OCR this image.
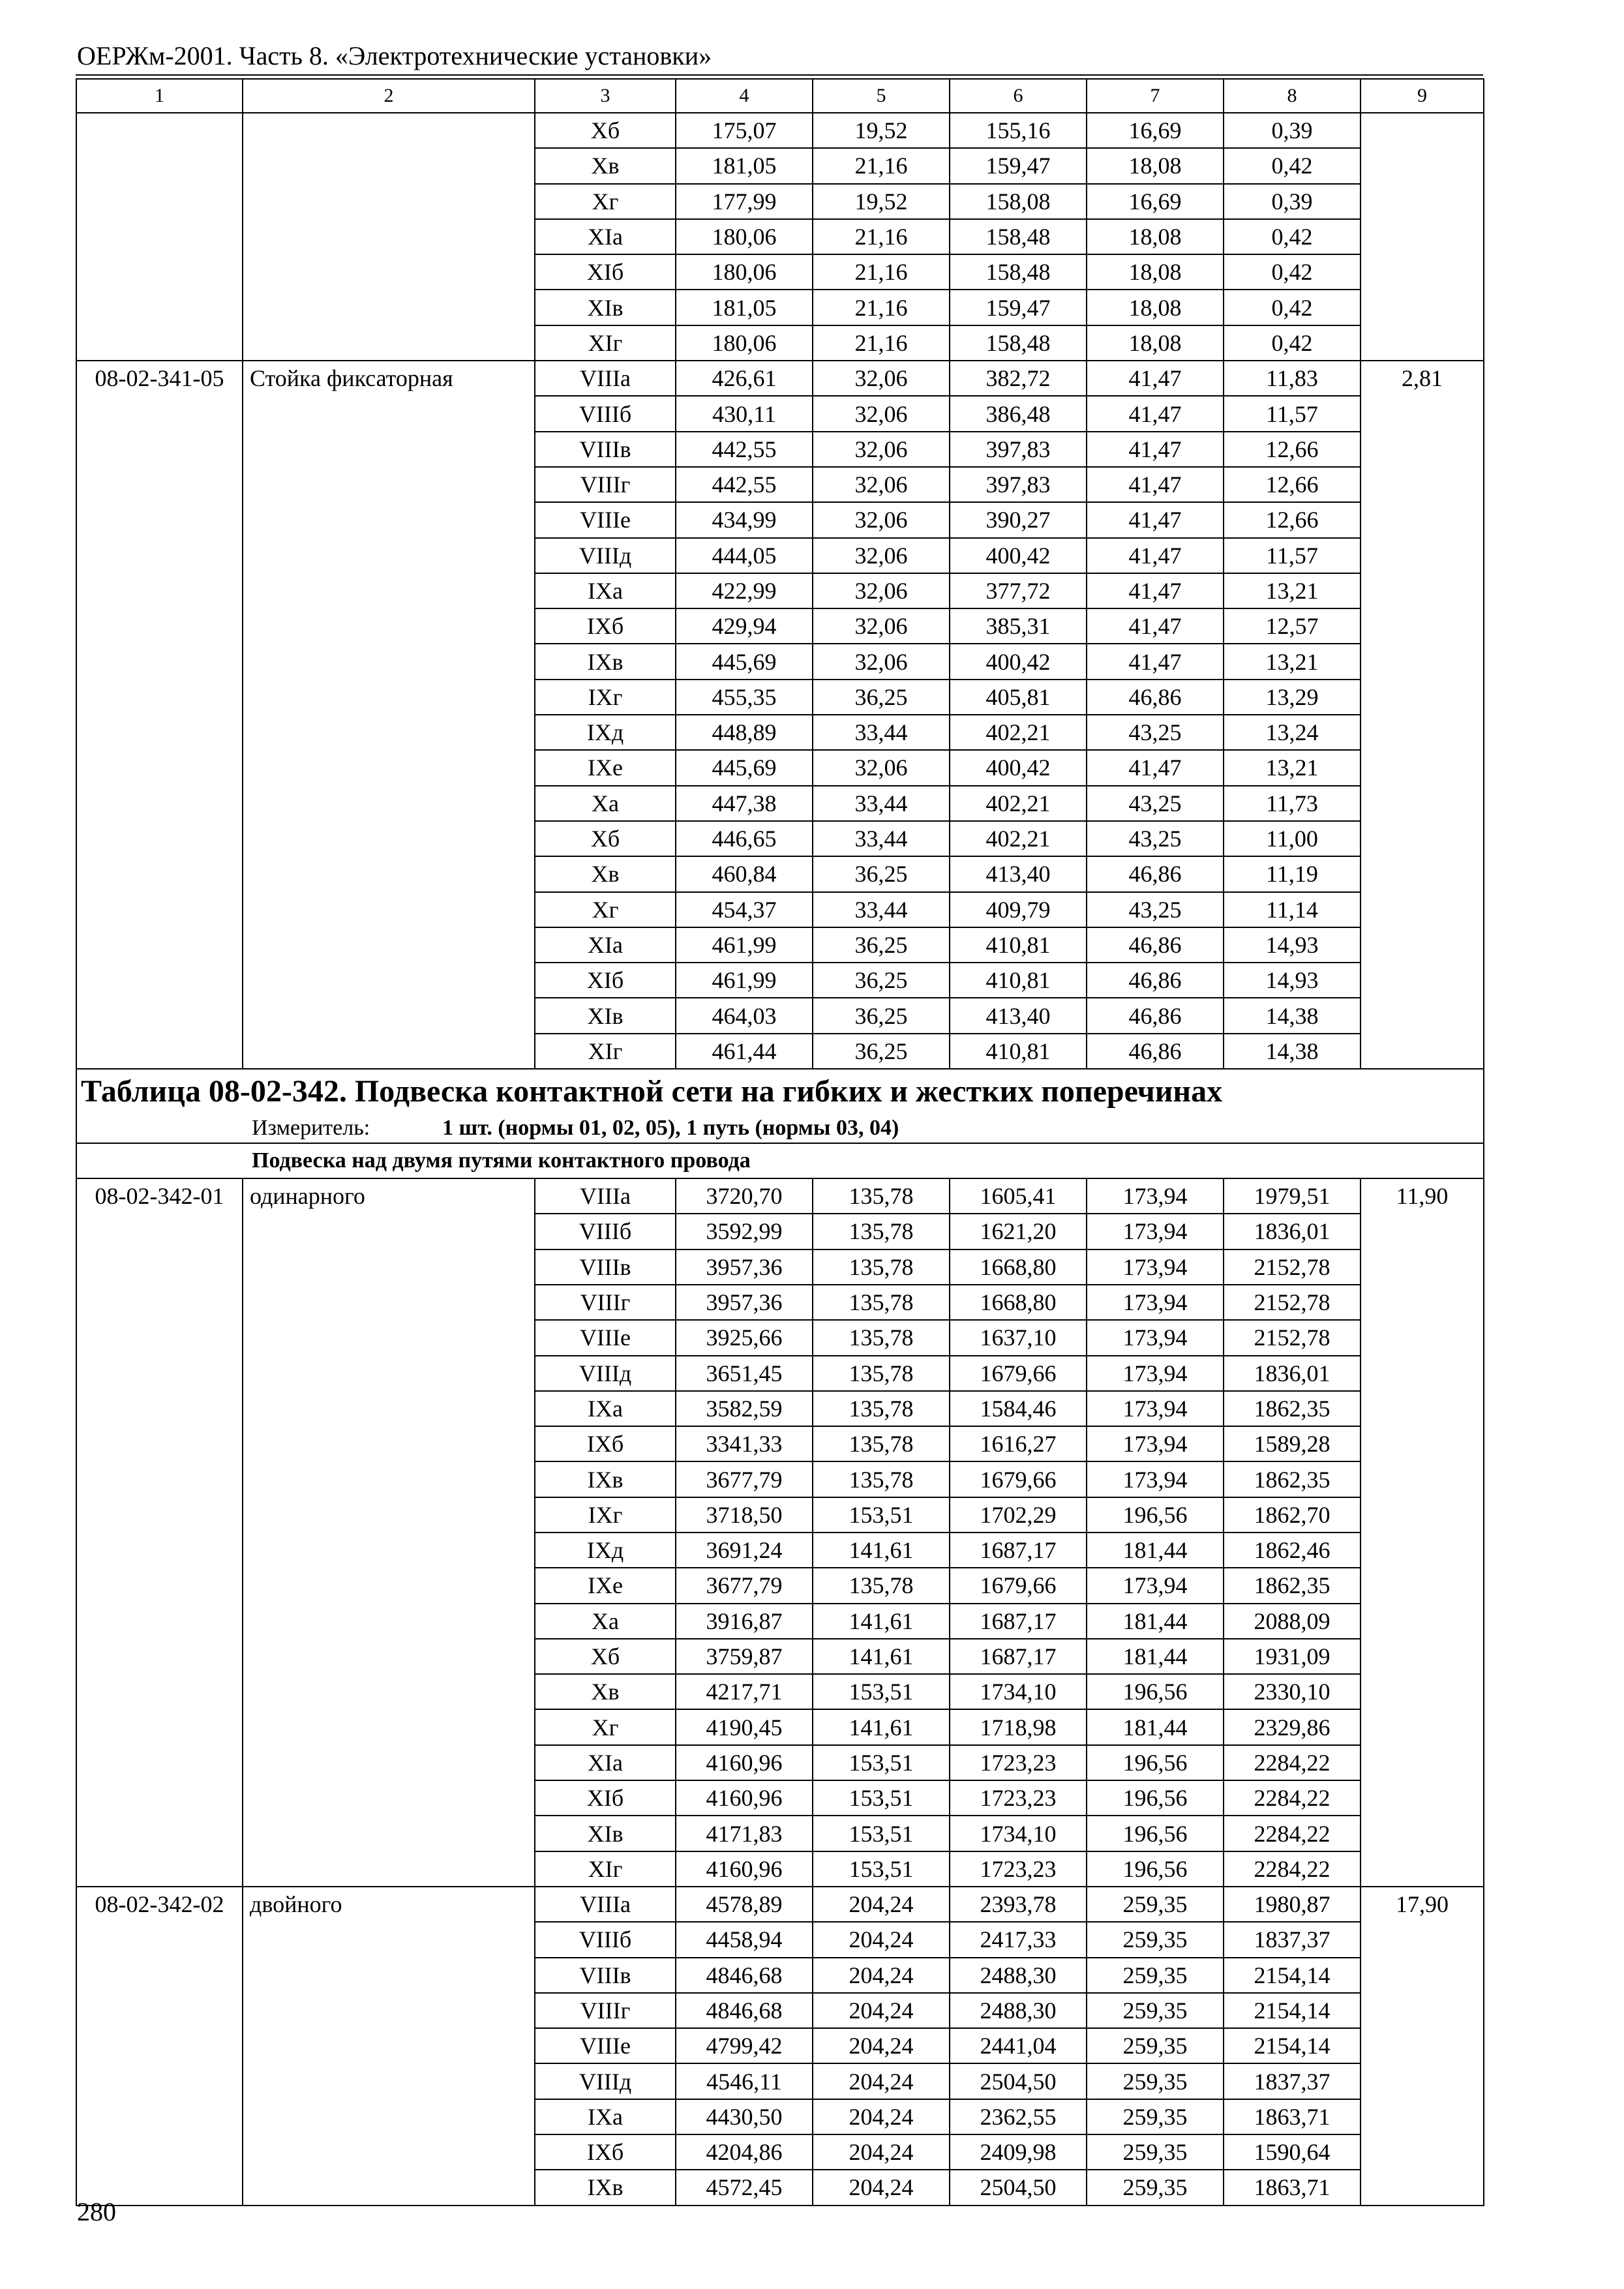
ОЕРЖм-2001. Часть 8. «Электротехнические установки»
1	2	3	4	5	6	7	8	9
		Xб	175,07	19,52	155,16	16,69	0,39	
		Xв	181,05	21,16	159,47	18,08	0,42	
		Xг	177,99	19,52	158,08	16,69	0,39	
		XIа	180,06	21,16	158,48	18,08	0,42	
		XIб	180,06	21,16	158,48	18,08	0,42	
		XIв	181,05	21,16	159,47	18,08	0,42	
		XIг	180,06	21,16	158,48	18,08	0,42	
08-02-341-05	Стойка фиксаторная	VIIIа	426,61	32,06	382,72	41,47	11,83	2,81
		VIIIб	430,11	32,06	386,48	41,47	11,57	
		VIIIв	442,55	32,06	397,83	41,47	12,66	
		VIIIг	442,55	32,06	397,83	41,47	12,66	
		VIIIе	434,99	32,06	390,27	41,47	12,66	
		VIIIд	444,05	32,06	400,42	41,47	11,57	
		IXа	422,99	32,06	377,72	41,47	13,21	
		IXб	429,94	32,06	385,31	41,47	12,57	
		IXв	445,69	32,06	400,42	41,47	13,21	
		IXг	455,35	36,25	405,81	46,86	13,29	
		IXд	448,89	33,44	402,21	43,25	13,24	
		IXе	445,69	32,06	400,42	41,47	13,21	
		Xа	447,38	33,44	402,21	43,25	11,73	
		Xб	446,65	33,44	402,21	43,25	11,00	
		Xв	460,84	36,25	413,40	46,86	11,19	
		Xг	454,37	33,44	409,79	43,25	11,14	
		XIа	461,99	36,25	410,81	46,86	14,93	
		XIб	461,99	36,25	410,81	46,86	14,93	
		XIв	464,03	36,25	413,40	46,86	14,38	
		XIг	461,44	36,25	410,81	46,86	14,38	
Таблица 08-02-342. Подвеска контактной сети на гибких и жестких поперечинах								
Измеритель: 1 шт. (нормы 01, 02, 05), 1 путь (нормы 03, 04)								
Подвеска над двумя путями контактного провода								
08-02-342-01	одинарного	VIIIа	3720,70	135,78	1605,41	173,94	1979,51	11,90
		VIIIб	3592,99	135,78	1621,20	173,94	1836,01	
		VIIIв	3957,36	135,78	1668,80	173,94	2152,78	
		VIIIг	3957,36	135,78	1668,80	173,94	2152,78	
		VIIIе	3925,66	135,78	1637,10	173,94	2152,78	
		VIIIд	3651,45	135,78	1679,66	173,94	1836,01	
		IXа	3582,59	135,78	1584,46	173,94	1862,35	
		IXб	3341,33	135,78	1616,27	173,94	1589,28	
		IXв	3677,79	135,78	1679,66	173,94	1862,35	
		IXг	3718,50	153,51	1702,29	196,56	1862,70	
		IXд	3691,24	141,61	1687,17	181,44	1862,46	
		IXе	3677,79	135,78	1679,66	173,94	1862,35	
		Xа	3916,87	141,61	1687,17	181,44	2088,09	
		Xб	3759,87	141,61	1687,17	181,44	1931,09	
		Xв	4217,71	153,51	1734,10	196,56	2330,10	
		Xг	4190,45	141,61	1718,98	181,44	2329,86	
		XIа	4160,96	153,51	1723,23	196,56	2284,22	
		XIб	4160,96	153,51	1723,23	196,56	2284,22	
		XIв	4171,83	153,51	1734,10	196,56	2284,22	
		XIг	4160,96	153,51	1723,23	196,56	2284,22	
08-02-342-02	двойного	VIIIа	4578,89	204,24	2393,78	259,35	1980,87	17,90
		VIIIб	4458,94	204,24	2417,33	259,35	1837,37	
		VIIIв	4846,68	204,24	2488,30	259,35	2154,14	
		VIIIг	4846,68	204,24	2488,30	259,35	2154,14	
		VIIIе	4799,42	204,24	2441,04	259,35	2154,14	
		VIIIд	4546,11	204,24	2504,50	259,35	1837,37	
		IXа	4430,50	204,24	2362,55	259,35	1863,71	
		IXб	4204,86	204,24	2409,98	259,35	1590,64	
		IXв	4572,45	204,24	2504,50	259,35	1863,71	
280
